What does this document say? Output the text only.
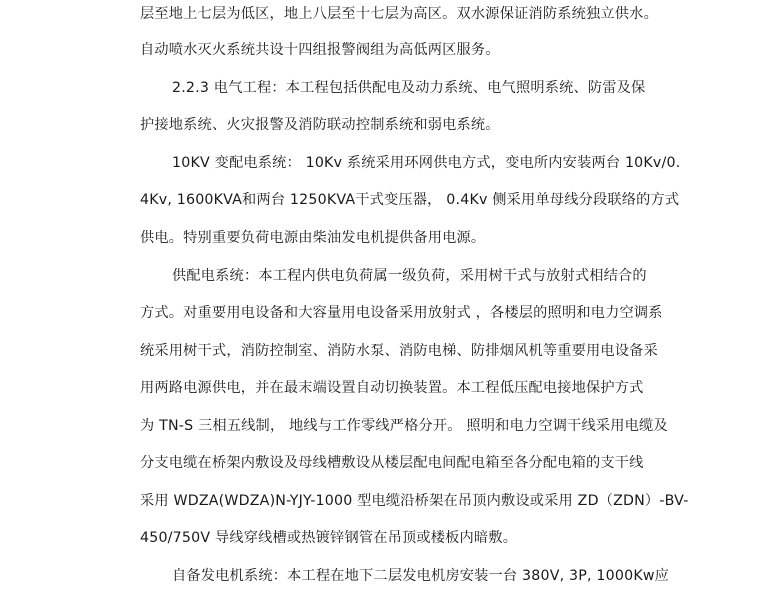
层至地上七层为低区，地上八层至十七层为高区。双水源保证消防系统独立供水。
自动喷水灭火系统共设十四组报警阀组为高低两区服务。
2.2.3 电气工程：本工程包括供配电及动力系统、电气照明系统、防雷及保
护接地系统、火灾报警及消防联动控制系统和弱电系统。
10KV 变配电系统： 10Kv 系统采用环网供电方式，变电所内安装两台 10Kv/0.
4Kv, 1600KVA和两台 1250KVA干式变压器， 0.4Kv 侧采用单母线分段联络的方式
供电。特别重要负荷电源由柴油发电机提供备用电源。
供配电系统：本工程内供电负荷属一级负荷，采用树干式与放射式相结合的
方式。对重要用电设备和大容量用电设备采用放射式 ，各楼层的照明和电力空调系
统采用树干式，消防控制室、消防水泵、消防电梯、防排烟风机等重要用电设备采
用两路电源供电，并在最末端设置自动切换装置。本工程低压配电接地保护方式
为 TN-S 三相五线制， 地线与工作零线严格分开。 照明和电力空调干线采用电缆及
分支电缆在桥架内敷设及母线槽敷设从楼层配电间配电箱至各分配电箱的支干线
采用 WDZA(WDZA)N-YJY-1000 型电缆沿桥架在吊顶内敷设或采用 ZD（ZDN）-BV-
450/750V 导线穿线槽或热镀锌钢管在吊顶或楼板内暗敷。
自备发电机系统：本工程在地下二层发电机房安装一台 380V, 3P, 1000Kw应
